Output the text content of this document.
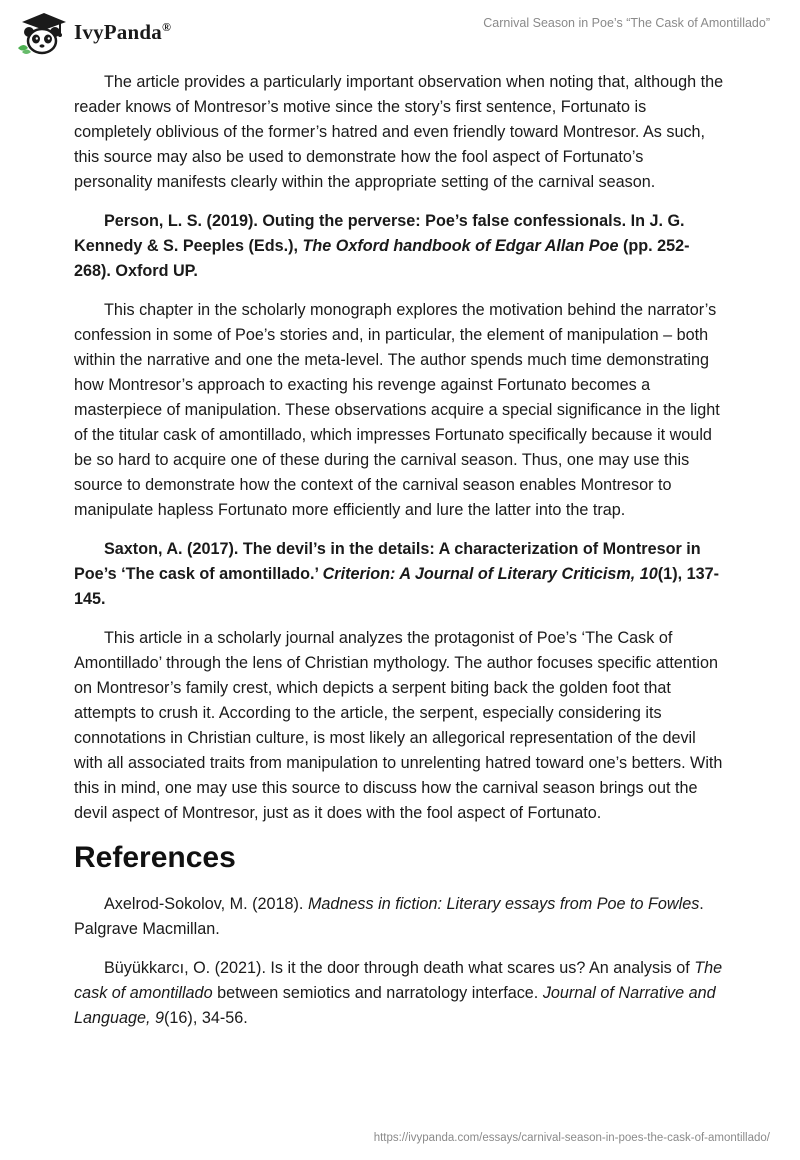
IvyPanda®	Carnival Season in Poe’s “The Cask of Amontillado”

The article provides a particularly important observation when noting that, although the reader knows of Montresor’s motive since the story’s first sentence, Fortunato is completely oblivious of the former’s hatred and even friendly toward Montresor. As such, this source may also be used to demonstrate how the fool aspect of Fortunato’s personality manifests clearly within the appropriate setting of the carnival season.

Person, L. S. (2019). Outing the perverse: Poe’s false confessionals. In J. G. Kennedy & S. Peeples (Eds.), The Oxford handbook of Edgar Allan Poe (pp. 252-268). Oxford UP.

This chapter in the scholarly monograph explores the motivation behind the narrator’s confession in some of Poe’s stories and, in particular, the element of manipulation – both within the narrative and one the meta-level. The author spends much time demonstrating how Montresor’s approach to exacting his revenge against Fortunato becomes a masterpiece of manipulation. These observations acquire a special significance in the light of the titular cask of amontillado, which impresses Fortunato specifically because it would be so hard to acquire one of these during the carnival season. Thus, one may use this source to demonstrate how the context of the carnival season enables Montresor to manipulate hapless Fortunato more efficiently and lure the latter into the trap.

Saxton, A. (2017). The devil’s in the details: A characterization of Montresor in Poe’s ‘The cask of amontillado.’ Criterion: A Journal of Literary Criticism, 10(1), 137-145.

This article in a scholarly journal analyzes the protagonist of Poe’s ‘The Cask of Amontillado’ through the lens of Christian mythology. The author focuses specific attention on Montresor’s family crest, which depicts a serpent biting back the golden foot that attempts to crush it. According to the article, the serpent, especially considering its connotations in Christian culture, is most likely an allegorical representation of the devil with all associated traits from manipulation to unrelenting hatred toward one’s betters. With this in mind, one may use this source to discuss how the carnival season brings out the devil aspect of Montresor, just as it does with the fool aspect of Fortunato.

References

Axelrod-Sokolov, M. (2018). Madness in fiction: Literary essays from Poe to Fowles. Palgrave Macmillan.

Büyükkarcı, O. (2021). Is it the door through death what scares us? An analysis of The cask of amontillado between semiotics and narratology interface. Journal of Narrative and Language, 9(16), 34-56.

https://ivypanda.com/essays/carnival-season-in-poes-the-cask-of-amontillado/
